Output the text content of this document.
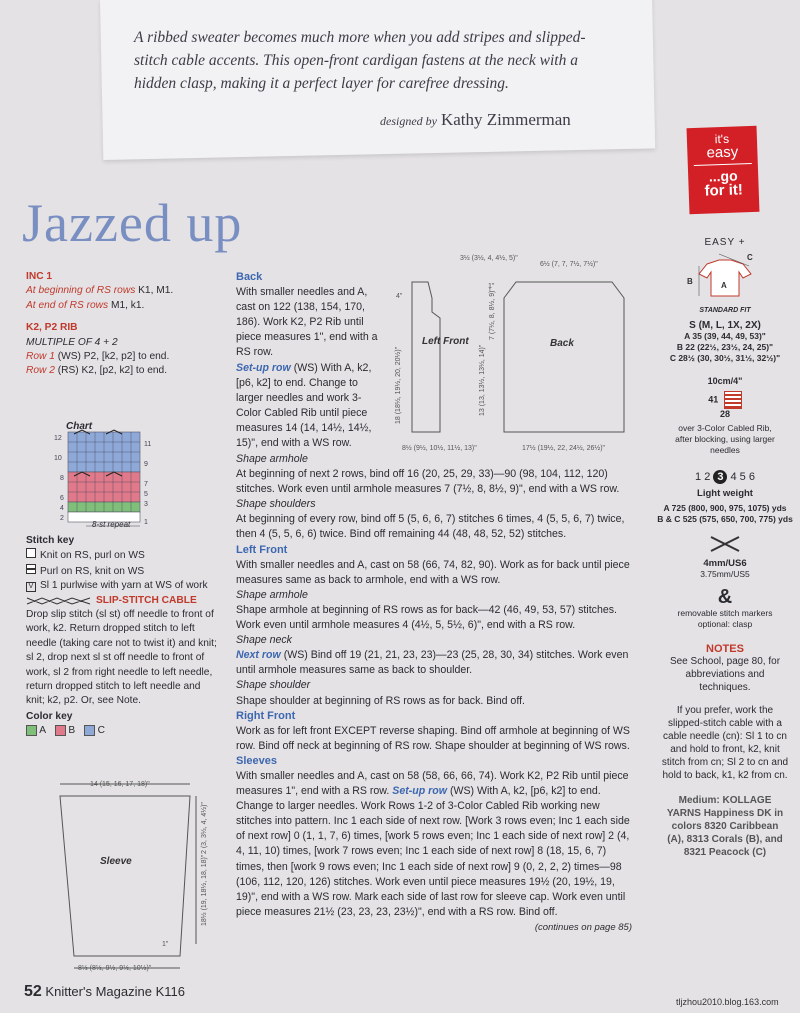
A ribbed sweater becomes much more when you add stripes and slipped-stitch cable accents. This open-front cardigan fastens at the neck with a hidden clasp, making it a perfect layer for carefree dressing.
designed by Kathy Zimmerman
Jazzed up
it's
easy
...go
for it!
INC 1
At beginning of RS rows K1, M1.
At end of RS rows M1, k1.
K2, P2 RIB
MULTIPLE OF 4 + 2
Row 1 (WS) P2, [k2, p2] to end.
Row 2 (RS) K2, [p2, k2] to end.
Chart
12
10
8
6
4
2
11
9
7
5
3
1
8-st repeat
Stitch key
Knit on RS, purl on WS
Purl on RS, knit on WS
V Sl 1 purlwise with yarn at WS of work
SLIP-STITCH CABLE Drop slip stitch (sl st) off needle to front of work, k2. Return dropped stitch to left needle (taking care not to twist it) and knit; sl 2, drop next sl st off needle to front of work, sl 2 from right needle to left needle, return dropped stitch to left needle and knit; k2, p2. Or, see Note.
Color key
A B C
14 (15, 16, 17, 18)"
8½ (8½, 9½, 9½, 10½)"
2 (3, 3½, 4, 4½)"
18½ (19, 18½, 18, 18)"
1"
Sleeve
3½ (3½, 4, 4½, 5)"
6½ (7, 7, 7½, 7½)"
8½ (9½, 10½, 11½, 13)"	17½ (19½, 22, 24½, 26½)"
18 (18½, 19½, 20, 20½)"
7 (7½, 8, 8½, 9)"
13 (13, 13½, 13½, 14)"
4"
1"
Left Front	Back
Back
With smaller needles and A, cast on 122 (138, 154, 170, 186). Work K2, P2 Rib until piece measures 1", end with a RS row.
Set-up row (WS) With A, k2, [p6, k2] to end. Change to larger needles and work 3-Color Cabled Rib until piece measures 14 (14, 14½, 14½, 15)", end with a WS row.
Shape armhole
At beginning of next 2 rows, bind off 16 (20, 25, 29, 33)—90 (98, 104, 112, 120) stitches. Work even until armhole measures 7 (7½, 8, 8½, 9)", end with a WS row.
Shape shoulders
At beginning of every row, bind off 5 (5, 6, 6, 7) stitches 6 times, 4 (5, 5, 6, 7) twice, then 4 (5, 5, 6, 6) twice. Bind off remaining 44 (48, 48, 52, 52) stitches.
Left Front
With smaller needles and A, cast on 58 (66, 74, 82, 90). Work as for back until piece measures same as back to armhole, end with a WS row.
Shape armhole
Shape armhole at beginning of RS rows as for back—42 (46, 49, 53, 57) stitches. Work even until armhole measures 4 (4½, 5, 5½, 6)", end with a RS row.
Shape neck
Next row (WS) Bind off 19 (21, 21, 23, 23)—23 (25, 28, 30, 34) stitches. Work even until armhole measures same as back to shoulder.
Shape shoulder
Shape shoulder at beginning of RS rows as for back. Bind off.
Right Front
Work as for left front EXCEPT reverse shaping. Bind off armhole at beginning of WS row. Bind off neck at beginning of RS row. Shape shoulder at beginning of WS rows.
Sleeves
With smaller needles and A, cast on 58 (58, 66, 66, 74). Work K2, P2 Rib until piece measures 1", end with a RS row. Set-up row (WS) With A, k2, [p6, k2] to end. Change to larger needles. Work Rows 1-2 of 3-Color Cabled Rib working new stitches into pattern. Inc 1 each side of next row. [Work 3 rows even; Inc 1 each side of next row] 0 (1, 1, 7, 6) times, [work 5 rows even; Inc 1 each side of next row] 2 (4, 4, 11, 10) times, [work 7 rows even; Inc 1 each side of next row] 8 (18, 15, 6, 7) times, then [work 9 rows even; Inc 1 each side of next row] 9 (0, 2, 2, 2) times—98 (106, 112, 120, 126) stitches. Work even until piece measures 19½ (20, 19½, 19, 19)", end with a WS row. Mark each side of last row for sleeve cap. Work even until piece measures 21½ (23, 23, 23, 23½)", end with a RS row. Bind off.
(continues on page 85)
EASY +
A
B
C
STANDARD FIT
S (M, L, 1X, 2X)
A 35 (39, 44, 49, 53)"
B 22 (22½, 23½, 24, 25)"
C 28½ (30, 30½, 31½, 32½)"
10cm/4"
41
28
over 3-Color Cabled Rib, after blocking, using larger needles
1 2 3 4 5 6
Light weight
A 725 (800, 900, 975, 1075) yds
B & C 525 (575, 650, 700, 775) yds
4mm/US6
3.75mm/US5
&
removable stitch markers optional: clasp
NOTES
See School, page 80, for abbreviations and techniques.
If you prefer, work the slipped-stitch cable with a cable needle (cn): Sl 1 to cn and hold to front, k2, knit stitch from cn; Sl 2 to cn and hold to back, k1, k2 from cn.
Medium: KOLLAGE YARNS Happiness DK in colors 8320 Caribbean (A), 8313 Corals (B), and 8321 Peacock (C)
52 Knitter's Magazine K116
tljzhou2010.blog.163.com
